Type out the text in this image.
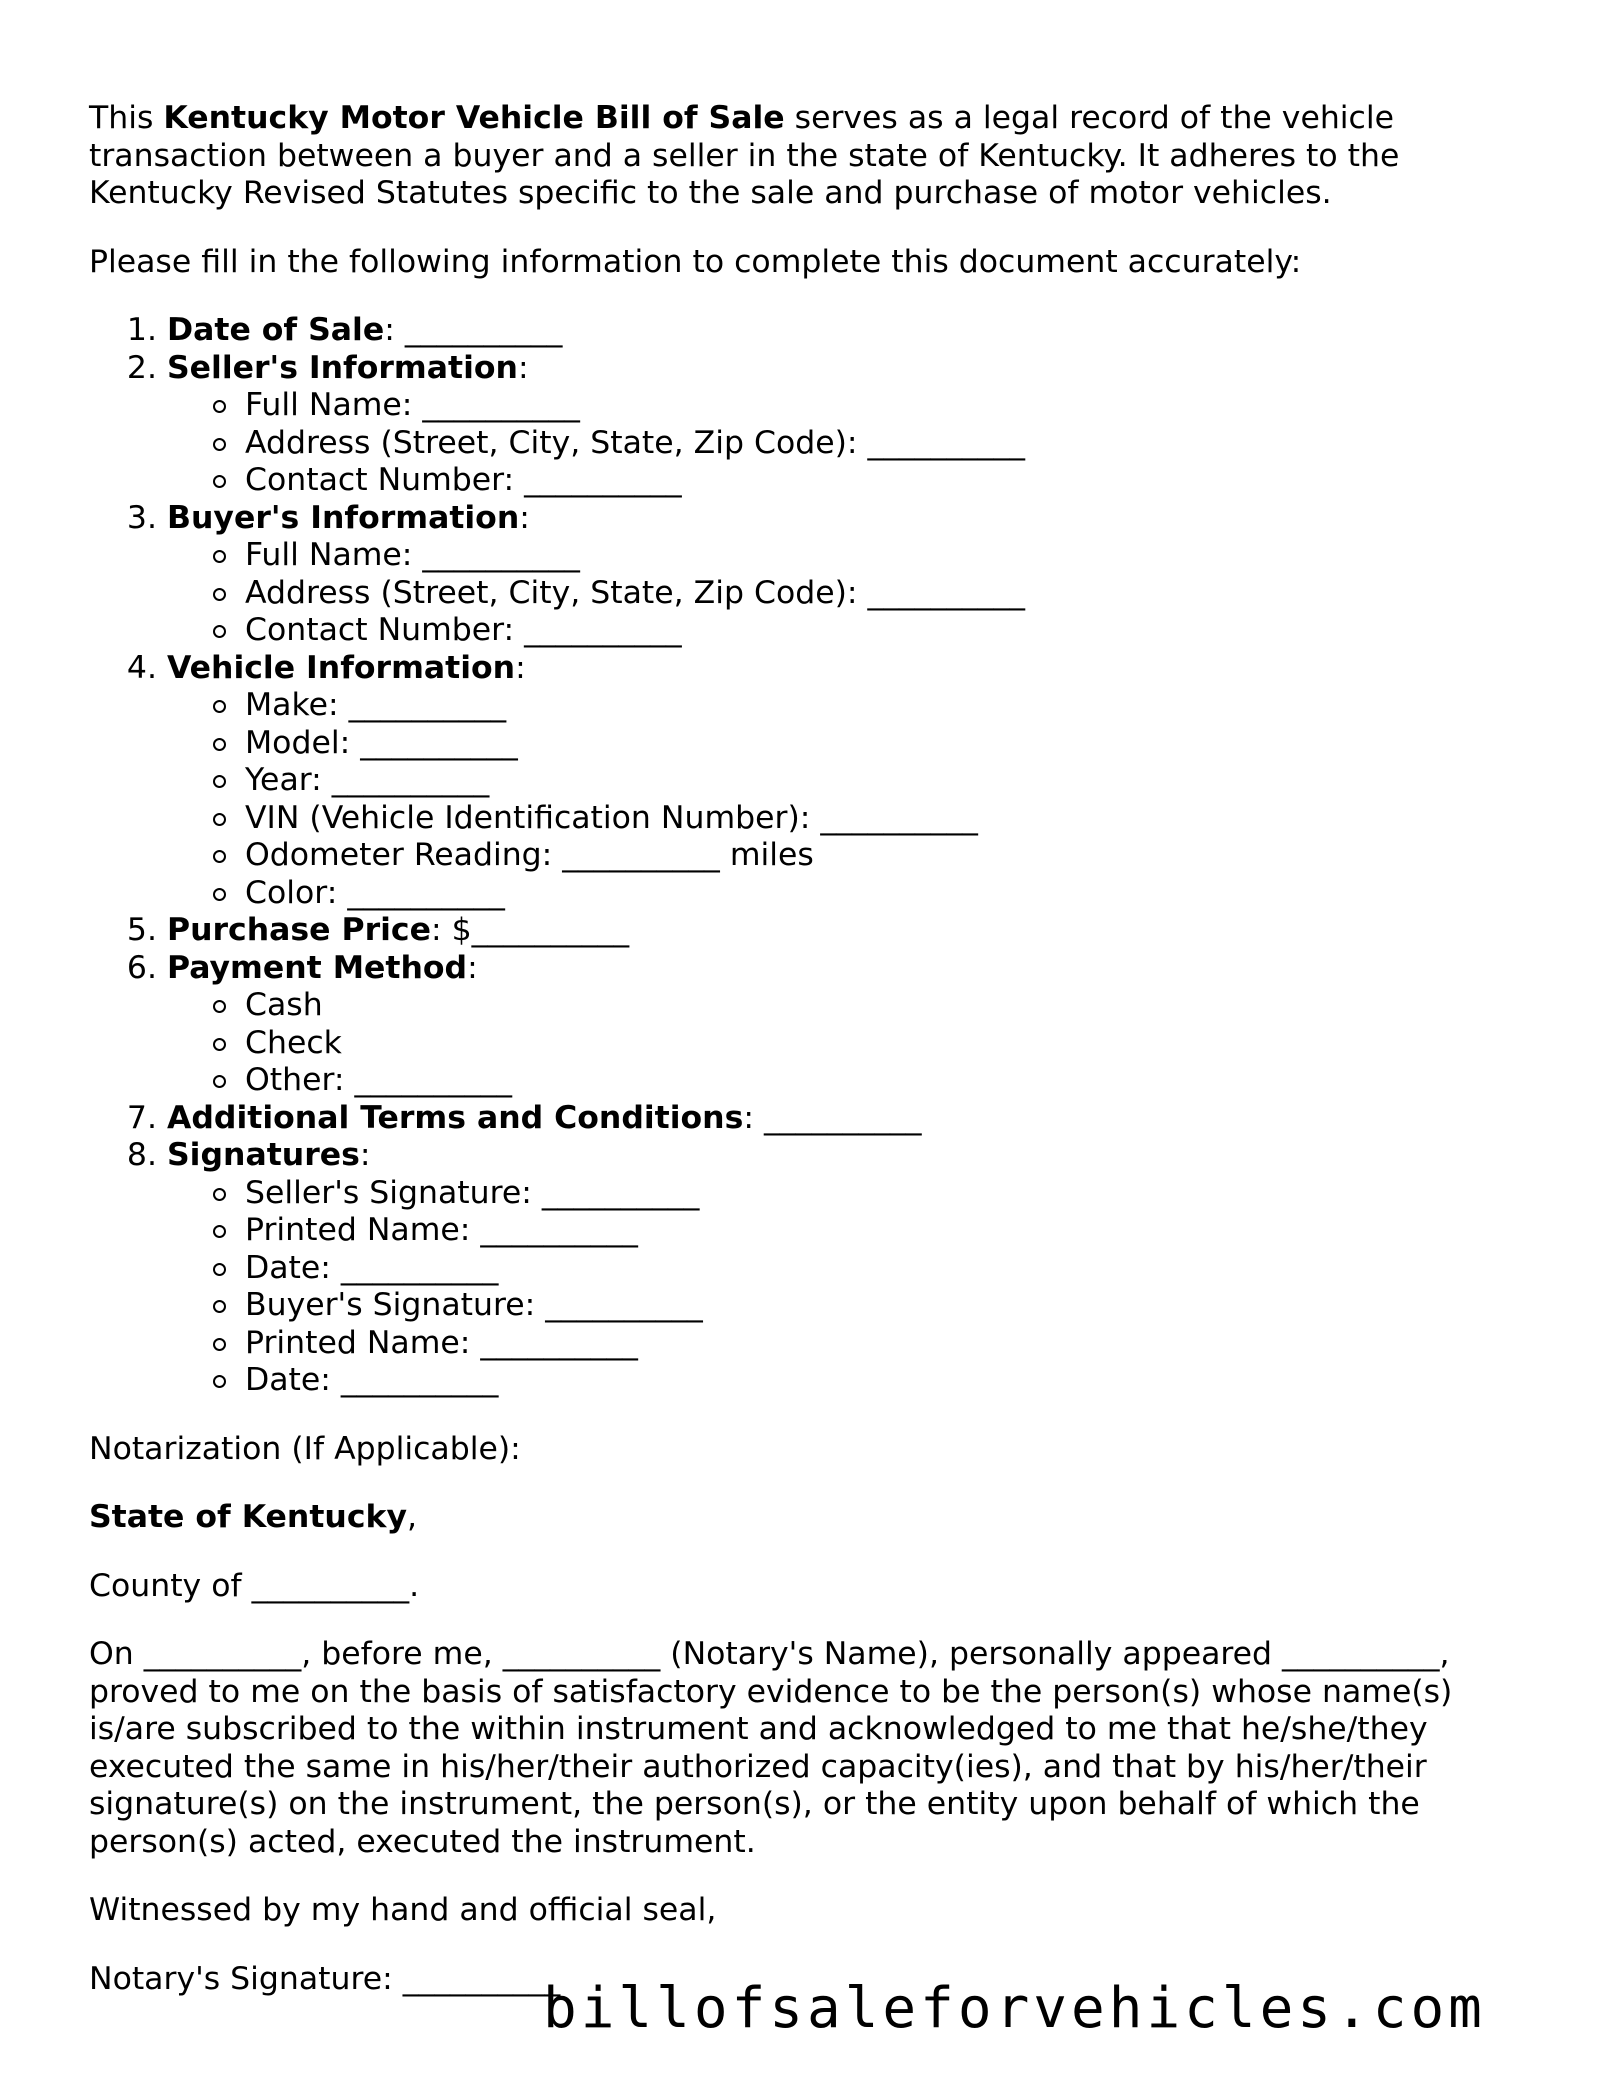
This Kentucky Motor Vehicle Bill of Sale serves as a legal record of the vehicle transaction between a buyer and a seller in the state of Kentucky. It adheres to the Kentucky Revised Statutes specific to the sale and purchase of motor vehicles.

Please fill in the following information to complete this document accurately:

1. Date of Sale: __________
2. Seller's Information:
Full Name: __________
Address (Street, City, State, Zip Code): __________
Contact Number: __________
3. Buyer's Information:
Full Name: __________
Address (Street, City, State, Zip Code): __________
Contact Number: __________
4. Vehicle Information:
Make: __________
Model: __________
Year: __________
VIN (Vehicle Identification Number): __________
Odometer Reading: __________ miles
Color: __________
5. Purchase Price: $__________
6. Payment Method:
Cash
Check
Other: __________
7. Additional Terms and Conditions: __________
8. Signatures:
Seller's Signature: __________
Printed Name: __________
Date: __________
Buyer's Signature: __________
Printed Name: __________
Date: __________

Notarization (If Applicable):

State of Kentucky,

County of __________.

On __________, before me, __________ (Notary's Name), personally appeared __________, proved to me on the basis of satisfactory evidence to be the person(s) whose name(s) is/are subscribed to the within instrument and acknowledged to me that he/she/they executed the same in his/her/their authorized capacity(ies), and that by his/her/their signature(s) on the instrument, the person(s), or the entity upon behalf of which the person(s) acted, executed the instrument.

Witnessed by my hand and official seal,

Notary's Signature: __________

billofsaleforvehicles.com
